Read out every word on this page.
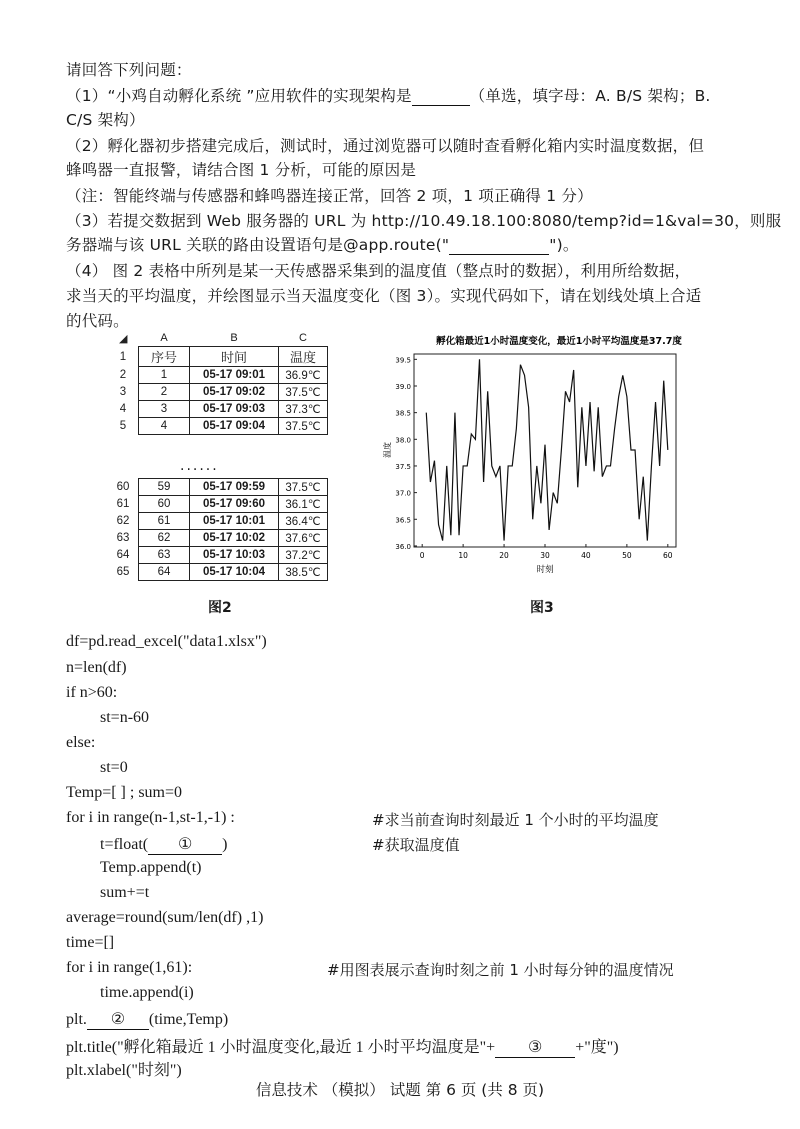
请回答下列问题：
（1）“小鸡自动孵化系统 ”应用软件的实现架构是	（单选，填字母：A. B/S 架构；B.
C/S 架构）
（2）孵化器初步搭建完成后，测试时，通过浏览器可以随时查看孵化箱内实时温度数据，但
蜂鸣器一直报警，请结合图 1 分析，可能的原因是
（注：智能终端与传感器和蜂鸣器连接正常，回答 2 项，1 项正确得 1 分）
（3）若提交数据到 Web 服务器的 URL 为 http://10.49.18.100:8080/temp?id=1&val=30，则服
务器端与该 URL 关联的路由设置语句是@app.route("	")。
（4） 图 2 表格中所列是某一天传感器采集到的温度值（整点时的数据），利用所给数据，
求当天的平均温度，并绘图显示当天温度变化（图 3）。实现代码如下，请在划线处填上合适
的代码。
◢	A	B	C
1	序号	时间	温度
2	1	05-17 09:01	36.9℃
3	2	05-17 09:02	37.5℃
4	3	05-17 09:03	37.3℃
5	4	05-17 09:04	37.5℃
......
60	59	05-17 09:59	37.5℃
61	60	05-17 09:60	36.1℃
62	61	05-17 10:01	36.4℃
63	62	05-17 10:02	37.6℃
64	63	05-17 10:03	37.2℃
65	64	05-17 10:04	38.5℃
图2
孵化箱最近1小时温度变化，最近1小时平均温度是37.7度
36.0
36.5
37.0
37.5
38.0
38.5
39.0
39.5
0	10	20	30	40	50	60
温度
时刻
图3
df=pd.read_excel("data1.xlsx")
n=len(df)
if n>60:
st=n-60
else:
st=0
Temp=[ ] ; sum=0
for i in range(n-1,st-1,-1) :	#求当前查询时刻最近 1 个小时的平均温度
t=float( ① )	#获取温度值
Temp.append(t)
sum+=t
average=round(sum/len(df) ,1)
time=[]
for i in range(1,61):	#用图表展示查询时刻之前 1 小时每分钟的温度情况
time.append(i)
plt. ② (time,Temp)
plt.title("孵化箱最近 1 小时温度变化,最近 1 小时平均温度是"+ ③ +"度")
plt.xlabel("时刻")
信息技术 （模拟） 试题 第 6 页 (共 8 页)
